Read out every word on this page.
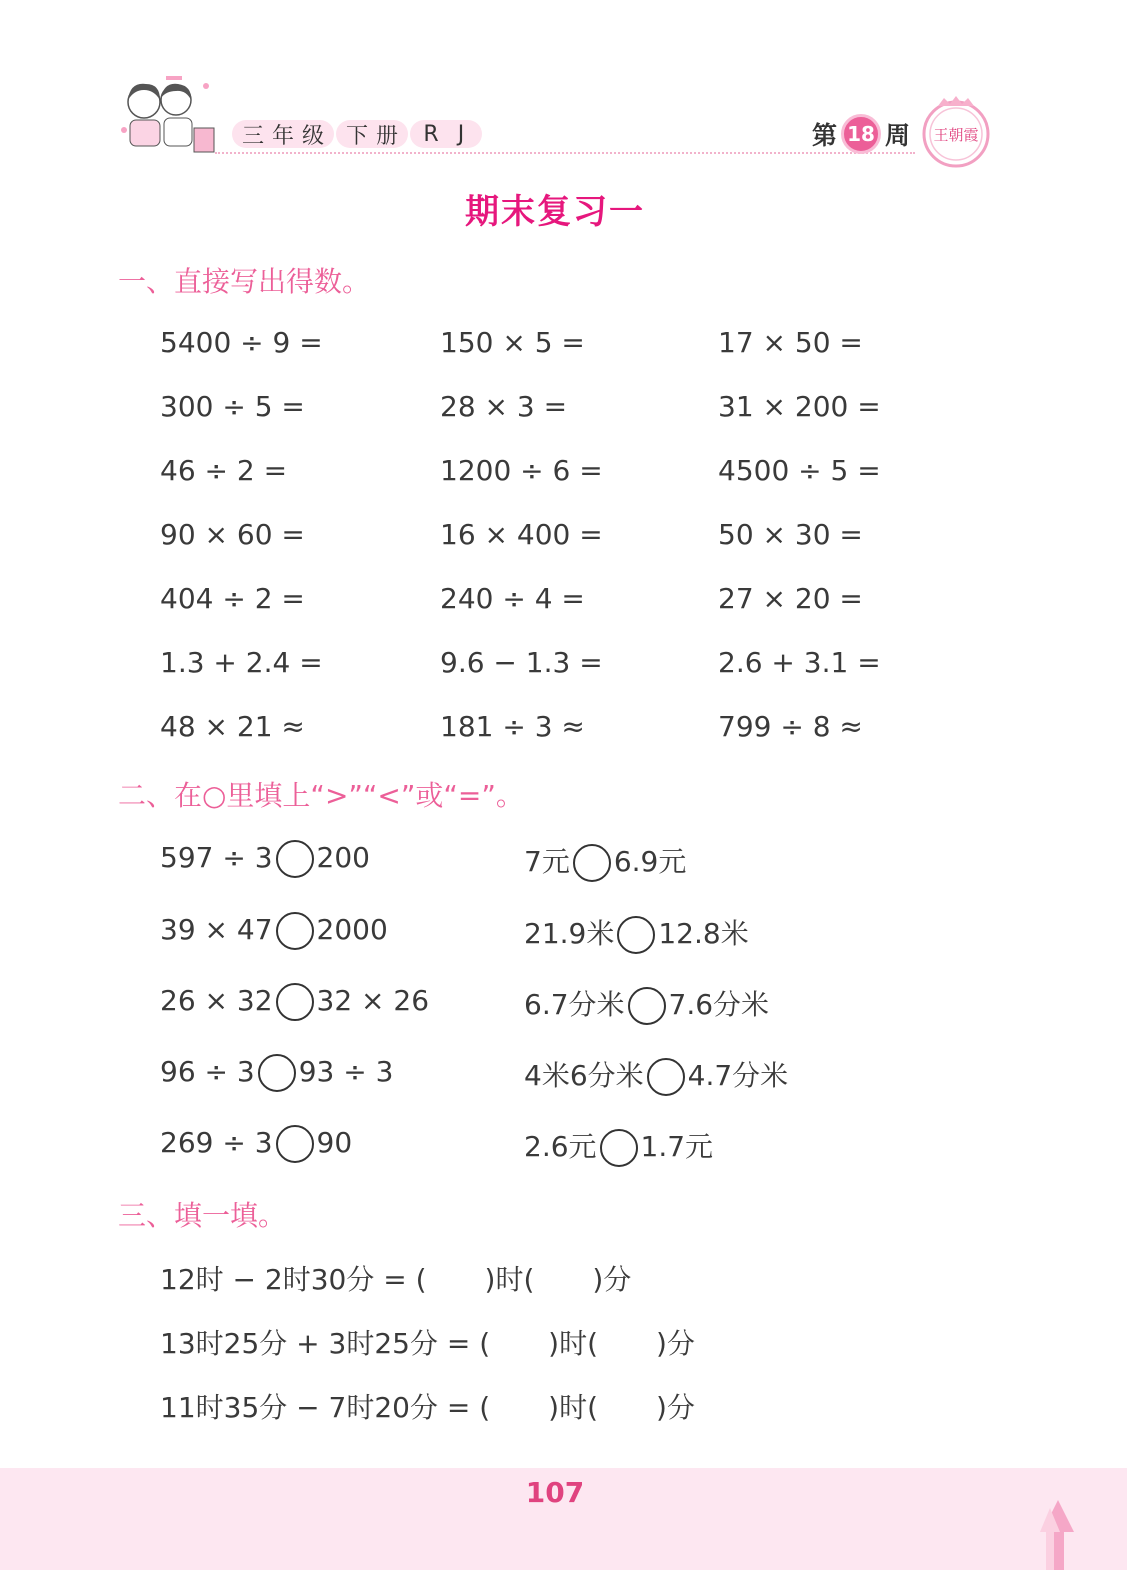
三 年 级 下 册	R J	第 18 周 王朝霞
期末复习一
一、直接写出得数。
5400 ÷ 9 =	150 × 5 =	17 × 50 =
300 ÷ 5 =	28 × 3 =	31 × 200 =
46 ÷ 2 =	1200 ÷ 6 =	4500 ÷ 5 =
90 × 60 =	16 × 400 =	50 × 30 =
404 ÷ 2 =	240 ÷ 4 =	27 × 20 =
1.3 + 2.4 =	9.6 − 1.3 =	2.6 + 3.1 =
48 × 21 ≈	181 ÷ 3 ≈	799 ÷ 8 ≈
二、在○里填上“>”“<”或“=”。
597 ÷ 3 200	7元 6.9元
39 × 47 2000	21.9米 12.8米
26 × 32 32 × 26	6.7分米 7.6分米
96 ÷ 3 93 ÷ 3	4米6分米 4.7分米
269 ÷ 3 90	2.6元 1.7元
三、填一填。
12时 − 2时30分 = ( )时( )分
13时25分 + 3时25分 = ( )时( )分
11时35分 − 7时20分 = ( )时( )分
107
